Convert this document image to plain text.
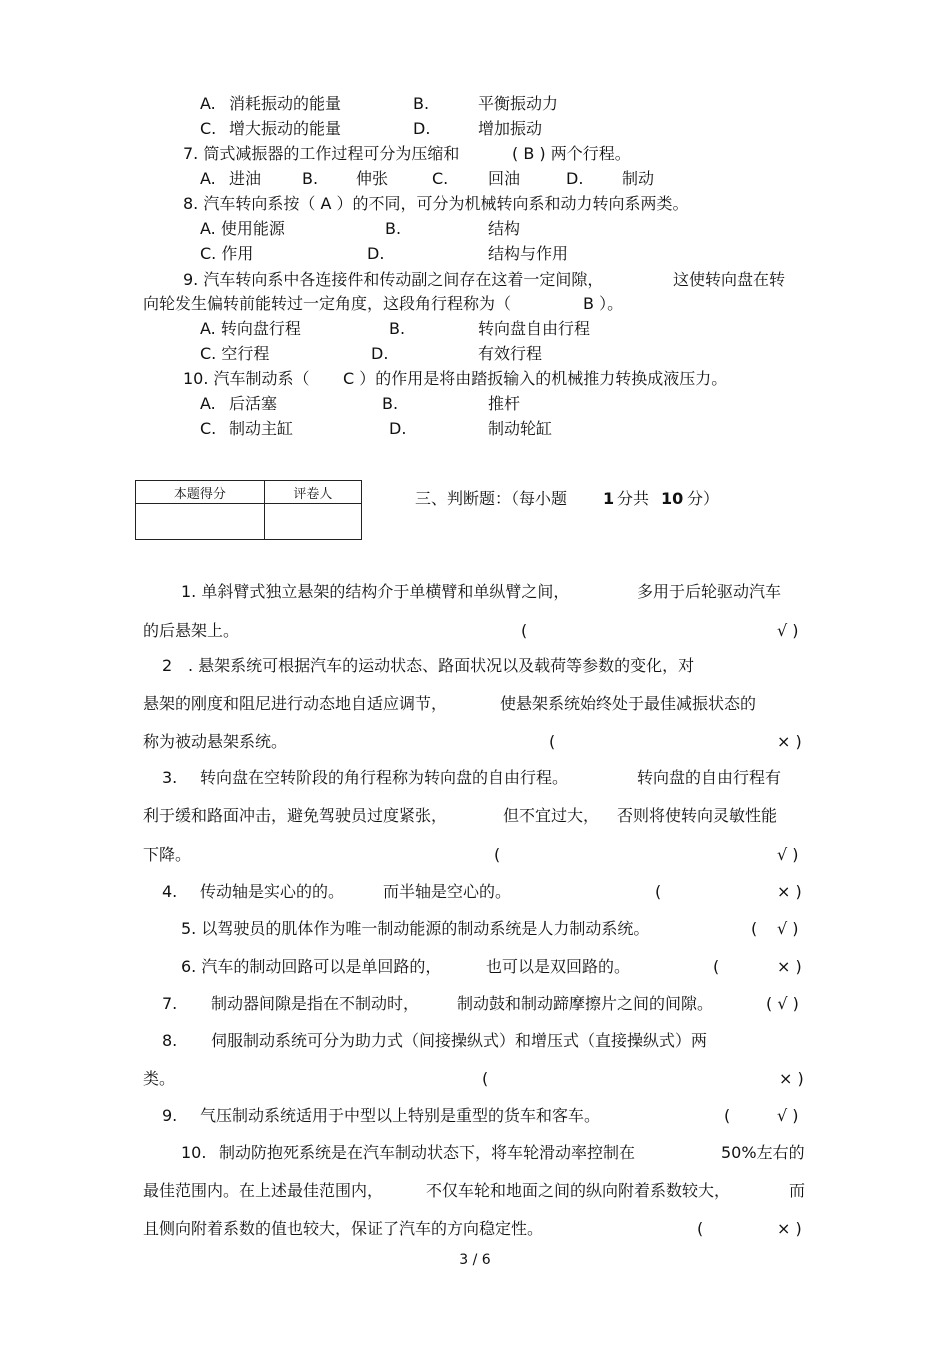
A. 消耗振动的能量	B.	平衡振动力
C. 增大振动的能量	D.	增加振动
7. 筒式减振器的工作过程可分为压缩和	( B ) 两个行程。
A. 进油	B. 伸张	C. 回油	D. 制动
8. 汽车转向系按（ A ）的不同，可分为机械转向系和动力转向系两类。
A. 使用能源	B.	结构
C. 作用	D.	结构与作用
9. 汽车转向系中各连接件和传动副之间存在这着一定间隙，	这使转向盘在转
向轮发生偏转前能转过一定角度，这段角行程称为（	B ）。
A. 转向盘行程	B.	转向盘自由行程
C. 空行程	D.	有效行程
10. 汽车制动系（ C ）的作用是将由踏扳输入的机械推力转换成液压力。
A. 后活塞	B.	推杆
C. 制动主缸	D.	制动轮缸
本题得分	评卷人
		三、判断题：（每小题 1 分共 10 分）
1. 单斜臂式独立悬架的结构介于单横臂和单纵臂之间，	多用于后轮驱动汽车
的后悬架上。	(	√ )
2 . 悬架系统可根据汽车的运动状态、路面状况以及载荷等参数的变化，对
悬架的刚度和阻尼进行动态地自适应调节，	使悬架系统始终处于最佳减振状态的
称为被动悬架系统。	(	× )
3. 转向盘在空转阶段的角行程称为转向盘的自由行程。	转向盘的自由行程有
利于缓和路面冲击，避免驾驶员过度紧张，	但不宜过大， 否则将使转向灵敏性能
下降。	(	√ )
4. 传动轴是实心的的。 而半轴是空心的。	(	× )
5. 以驾驶员的肌体作为唯一制动能源的制动系统是人力制动系统。	( √ )
6. 汽车的制动回路可以是单回路的，	也可以是双回路的。	(	× )
7. 制动器间隙是指在不制动时， 制动鼓和制动蹄摩擦片之间的间隙。	( √ )
8. 伺服制动系统可分为助力式（间接操纵式）和增压式（直接操纵式）两
类。	(	× )
9. 气压制动系统适用于中型以上特别是重型的货车和客车。	(	√ )
10. 制动防抱死系统是在汽车制动状态下，将车轮滑动率控制在	50%左右的
最佳范围内。在上述最佳范围内，	不仅车轮和地面之间的纵向附着系数较大，	而
且侧向附着系数的值也较大，保证了汽车的方向稳定性。	(	× )
3 / 6
